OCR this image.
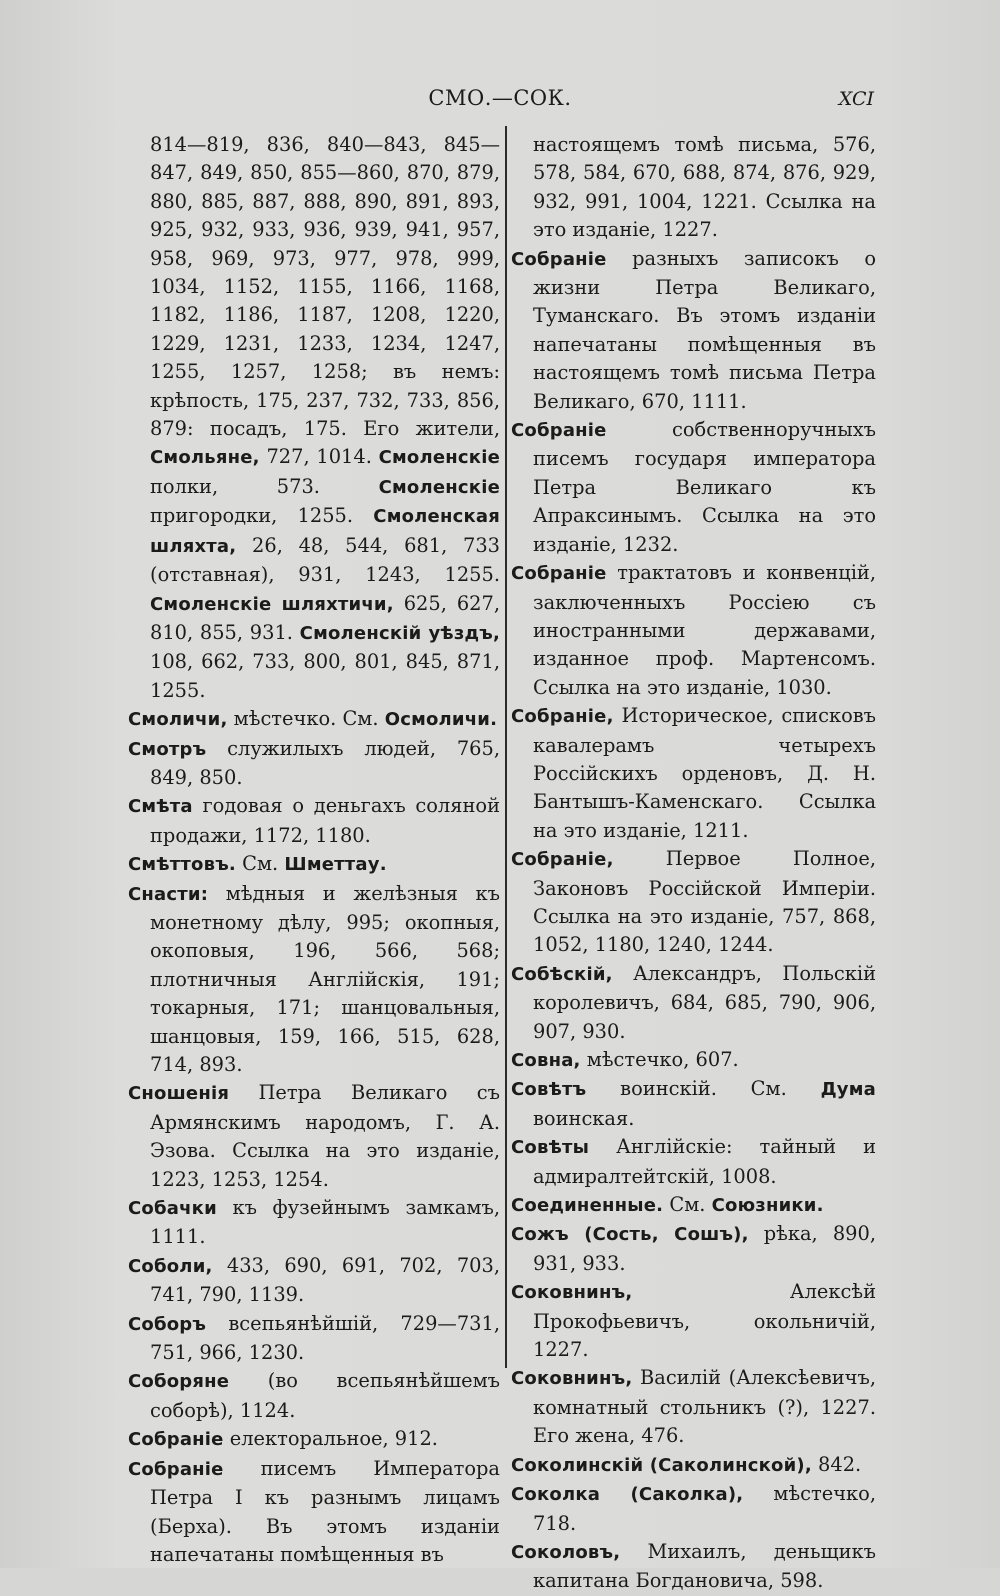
СМО.—СОК.	XCI
814—819, 836, 840—843, 845—847, 849, 850, 855—860, 870, 879, 880, 885, 887, 888, 890, 891, 893, 925, 932, 933, 936, 939, 941, 957, 958, 969, 973, 977, 978, 999, 1034, 1152, 1155, 1166, 1168, 1182, 1186, 1187, 1208, 1220, 1229, 1231, 1233, 1234, 1247, 1255, 1257, 1258; въ немъ: крѣпость, 175, 237, 732, 733, 856, 879: посадъ, 175. Его жители, Смольяне, 727, 1014. Смоленскіе полки, 573. Смоленскіе пригородки, 1255. Смоленская шляхта, 26, 48, 544, 681, 733 (отставная), 931, 1243, 1255. Смоленскіе шляхтичи, 625, 627, 810, 855, 931. Смоленскій уѣздъ, 108, 662, 733, 800, 801, 845, 871, 1255.
Смоличи, мѣстечко. См. Осмоличи.
Смотръ служилыхъ людей, 765, 849, 850.
Смѣта годовая о деньгахъ соляной продажи, 1172, 1180.
Смѣттовъ. См. Шметтау.
Снасти: мѣдныя и желѣзныя къ монетному дѣлу, 995; окопныя, окоповыя, 196, 566, 568; плотничныя Англійскія, 191; токарныя, 171; шанцовальныя, шанцовыя, 159, 166, 515, 628, 714, 893.
Сношенія Петра Великаго съ Армянскимъ народомъ, Г. А. Эзова. Ссылка на это изданіе, 1223, 1253, 1254.
Собачки къ фузейнымъ замкамъ, 1111.
Соболи, 433, 690, 691, 702, 703, 741, 790, 1139.
Соборъ всепьянѣйшій, 729—731, 751, 966, 1230.
Соборяне (во всепьянѣйшемъ соборѣ), 1124.
Собраніе електоральное, 912.
Собраніе писемъ Императора Петра I къ разнымъ лицамъ (Берха). Въ этомъ изданіи напечатаны помѣщенныя въ
настоящемъ томѣ письма, 576, 578, 584, 670, 688, 874, 876, 929, 932, 991, 1004, 1221. Ссылка на это изданіе, 1227.
Собраніе разныхъ записокъ о жизни Петра Великаго, Туманскаго. Въ этомъ изданіи напечатаны помѣщенныя въ настоящемъ томѣ письма Петра Великаго, 670, 1111.
Собраніе собственноручныхъ писемъ государя императора Петра Великаго къ Апраксинымъ. Ссылка на это изданіе, 1232.
Собраніе трактатовъ и конвенцій, заключенныхъ Россіею съ иностранными державами, изданное проф. Мартенсомъ. Ссылка на это изданіе, 1030.
Собраніе, Историческое, списковъ кавалерамъ четырехъ Россійскихъ орденовъ, Д. Н. Бантышъ-Каменскаго. Ссылка на это изданіе, 1211.
Собраніе, Первое Полное, Законовъ Россійской Имперіи. Ссылка на это изданіе, 757, 868, 1052, 1180, 1240, 1244.
Собѣскій, Александръ, Польскій королевичъ, 684, 685, 790, 906, 907, 930.
Совна, мѣстечко, 607.
Совѣтъ воинскій. См. Дума воинская.
Совѣты Англійскіе: тайный и адмиралтейтскій, 1008.
Соединенные. См. Союзники.
Сожъ (Сость, Сошъ), рѣка, 890, 931, 933.
Соковнинъ, Алексѣй Прокофьевичъ, окольничій, 1227.
Соковнинъ, Василій (Алексѣевичъ, комнатный стольникъ (?), 1227. Его жена, 476.
Соколинскій (Саколинской), 842.
Соколка (Саколка), мѣстечко, 718.
Соколовъ, Михаилъ, деньщикъ капитана Богдановича, 598.
